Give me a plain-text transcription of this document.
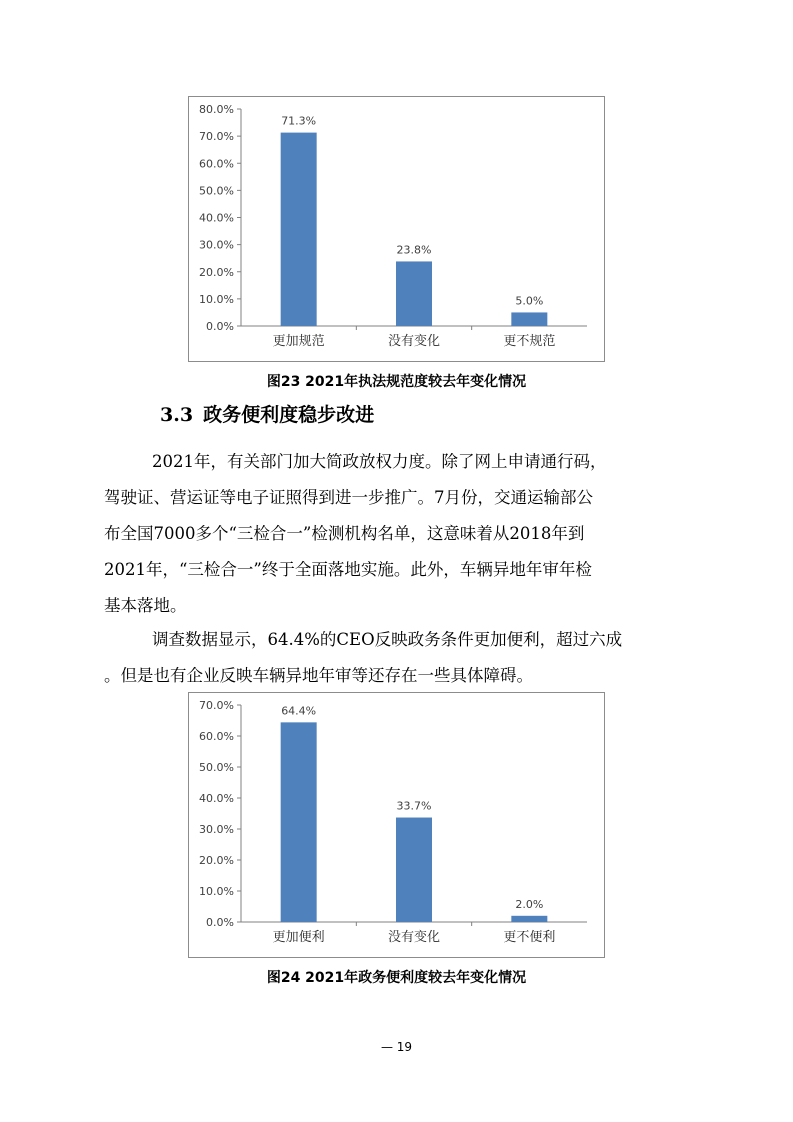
0.0%
10.0%
20.0%
30.0%
40.0%
50.0%
60.0%
70.0%
80.0%
71.3%
更加规范
23.8%
没有变化
5.0%
更不规范
图23 2021年执法规范度较去年变化情况
3.3 政务便利度稳步改进
2021年，有关部门加大简政放权力度。除了网上申请通行码，
驾驶证、营运证等电子证照得到进一步推广。7月份，交通运输部公
布全国7000多个“三检合一”检测机构名单，这意味着从2018年到
2021年，“三检合一”终于全面落地实施。此外，车辆异地年审年检
基本落地。
调查数据显示，64.4%的CEO反映政务条件更加便利，超过六成
。但是也有企业反映车辆异地年审等还存在一些具体障碍。
0.0%
10.0%
20.0%
30.0%
40.0%
50.0%
60.0%
70.0%	64.4%
更加便利
33.7%
没有变化
2.0%
更不便利
图24 2021年政务便利度较去年变化情况
— 19
